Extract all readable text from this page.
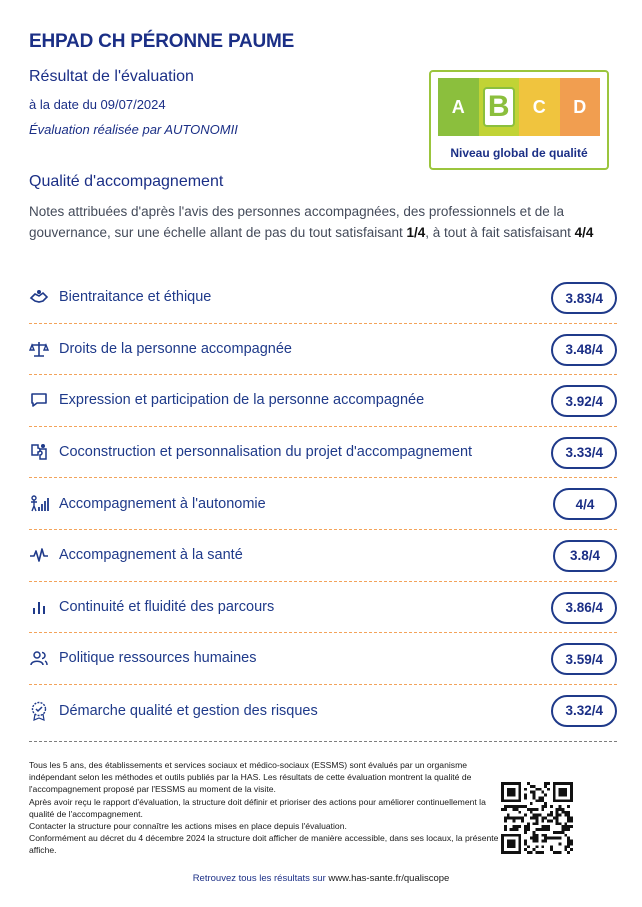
EHPAD CH PÉRONNE PAUME
Résultat de l'évaluation
à la date du 09/07/2024
Évaluation réalisée par AUTONOMII
A B C D
Niveau global de qualité
Qualité d'accompagnement
Notes attribuées d'après l'avis des personnes accompagnées, des professionnels et de la gouvernance, sur une échelle allant de pas du tout satisfaisant 1/4, à tout à fait satisfaisant 4/4
Bientraitance et éthique	3.83/4
Droits de la personne accompagnée	3.48/4
Expression et participation de la personne accompagnée	3.92/4
Coconstruction et personnalisation du projet d'accompagnement	3.33/4
Accompagnement à l'autonomie	4/4
Accompagnement à la santé	3.8/4
Continuité et fluidité des parcours	3.86/4
Politique ressources humaines	3.59/4
Démarche qualité et gestion des risques	3.32/4

Tous les 5 ans, des établissements et services sociaux et médico-sociaux (ESSMS) sont évalués par un organisme indépendant selon les méthodes et outils publiés par la HAS. Les résultats de cette évaluation montrent la qualité de l'accompagnement proposé par l'ESSMS au moment de la visite.

Après avoir reçu le rapport d'évaluation, la structure doit définir et prioriser des actions pour améliorer continuellement la qualité de l'accompagnement.

Contacter la structure pour connaître les actions mises en place depuis l'évaluation.

Conformément au décret du 4 décembre 2024 la structure doit afficher de manière accessible, dans ses locaux, la présente affiche.

Retrouvez tous les résultats sur www.has-sante.fr/qualiscope
